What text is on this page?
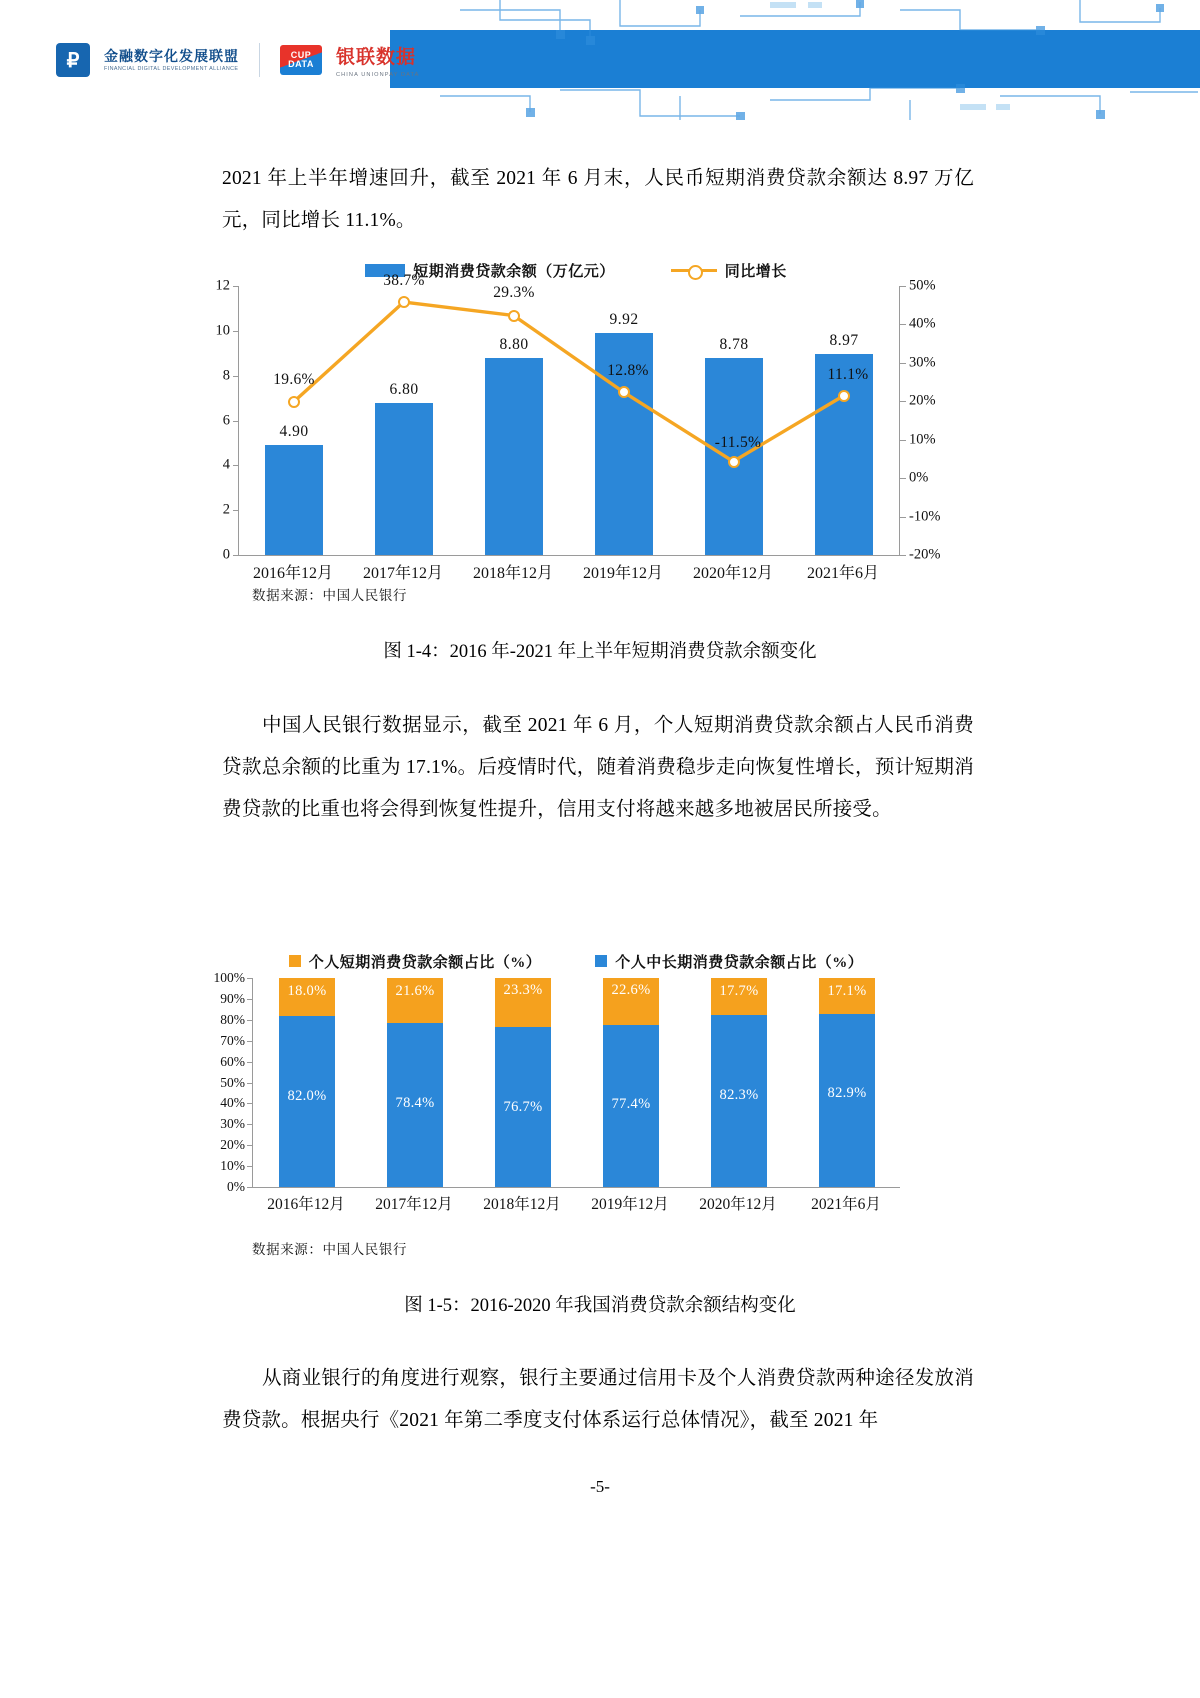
₽	金融数字化发展联盟
FINANCIAL DIGITAL DEVELOPMENT ALLIANCE
CUP
DATA 银联数据
CHINA UNIONPAY DATA
2021 年上半年增速回升，截至 2021 年 6 月末，人民币短期消费贷款余额达 8.97 万亿元，同比增长 11.1%。
短期消费贷款余额（万亿元）	同比增长
0
2
4
6
8
10
12
-20%
-10%
0%
10%
20%
30%
40%
50%
4.90
6.80
8.80
9.92
8.78	8.97
19.6%
38.7%
29.3%
12.8%
-11.5%
11.1%
2016年12月	2017年12月	2018年12月	2019年12月	2020年12月	2021年6月
数据来源：中国人民银行
图 1-4：2016 年-2021 年上半年短期消费贷款余额变化
中国人民银行数据显示，截至 2021 年 6 月，个人短期消费贷款余额占人民币消费贷款总余额的比重为 17.1%。后疫情时代，随着消费稳步走向恢复性增长，预计短期消费贷款的比重也将会得到恢复性提升，信用支付将越来越多地被居民所接受。
个人短期消费贷款余额占比（%）	个人中长期消费贷款余额占比（%）
0%
10%
20%
30%
40%
50%
60%
70%
80%
90%
100%
82.0%
18.0%
78.4%
21.6%
76.7%
23.3%
77.4%
22.6%
82.3%
17.7%
82.9%
17.1%
2016年12月	2017年12月	2018年12月	2019年12月	2020年12月	2021年6月
数据来源：中国人民银行
图 1-5：2016-2020 年我国消费贷款余额结构变化
从商业银行的角度进行观察，银行主要通过信用卡及个人消费贷款两种途径发放消费贷款。根据央行《2021 年第二季度支付体系运行总体情况》，截至 2021 年
-5-
